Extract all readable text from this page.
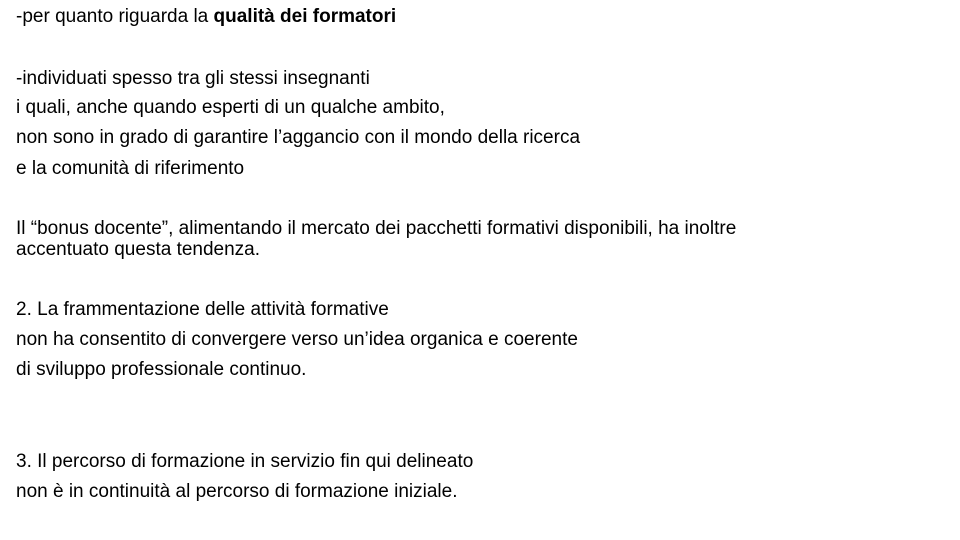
-per quanto riguarda la qualità dei formatori
-individuati spesso tra gli stessi insegnanti
i quali, anche quando esperti di un qualche ambito,
non sono in grado di garantire l’aggancio con il mondo della ricerca
e la comunità di riferimento
Il “bonus docente”, alimentando il mercato dei pacchetti formativi disponibili, ha inoltre
accentuato questa tendenza.
2. La frammentazione delle attività formative
non ha consentito di convergere verso un’idea organica e coerente
di sviluppo professionale continuo.
3. Il percorso di formazione in servizio fin qui delineato
non è in continuità al percorso di formazione iniziale.
